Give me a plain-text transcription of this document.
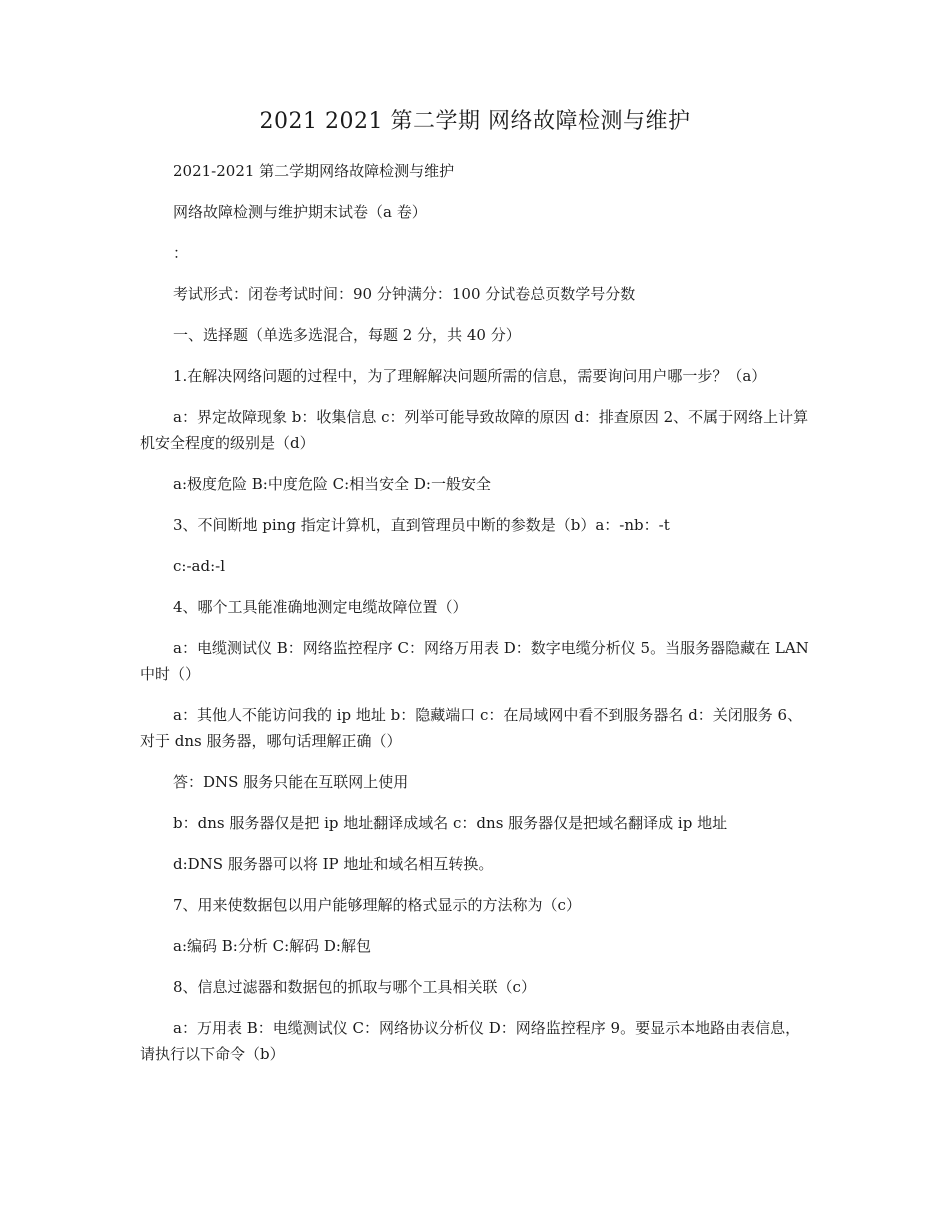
2021 2021 第二学期 网络故障检测与维护

2021-2021 第二学期网络故障检测与维护

网络故障检测与维护期末试卷（a 卷）

：

考试形式：闭卷考试时间：90 分钟满分：100 分试卷总页数学号分数

一、选择题（单选多选混合，每题 2 分，共 40 分）

1.在解决网络问题的过程中，为了理解解决问题所需的信息，需要询问用户哪一步？（a）

a：界定故障现象 b：收集信息 c：列举可能导致故障的原因 d：排查原因 2、不属于网络上计算机安全程度的级别是（d）

a:极度危险 B:中度危险 C:相当安全 D:一般安全

3、不间断地 ping 指定计算机，直到管理员中断的参数是（b）a：-nb：-t

c:-ad:-l

4、哪个工具能准确地测定电缆故障位置（）

a：电缆测试仪 B：网络监控程序 C：网络万用表 D：数字电缆分析仪 5。当服务器隐藏在 LAN 中时（）

a：其他人不能访问我的 ip 地址 b：隐藏端口 c：在局域网中看不到服务器名 d：关闭服务 6、对于 dns 服务器，哪句话理解正确（）

答：DNS 服务只能在互联网上使用

b：dns 服务器仅是把 ip 地址翻译成域名 c：dns 服务器仅是把域名翻译成 ip 地址

d:DNS 服务器可以将 IP 地址和域名相互转换。

7、用来使数据包以用户能够理解的格式显示的方法称为（c）

a:编码 B:分析 C:解码 D:解包

8、信息过滤器和数据包的抓取与哪个工具相关联（c）

a：万用表 B：电缆测试仪 C：网络协议分析仪 D：网络监控程序 9。要显示本地路由表信息，请执行以下命令（b）
